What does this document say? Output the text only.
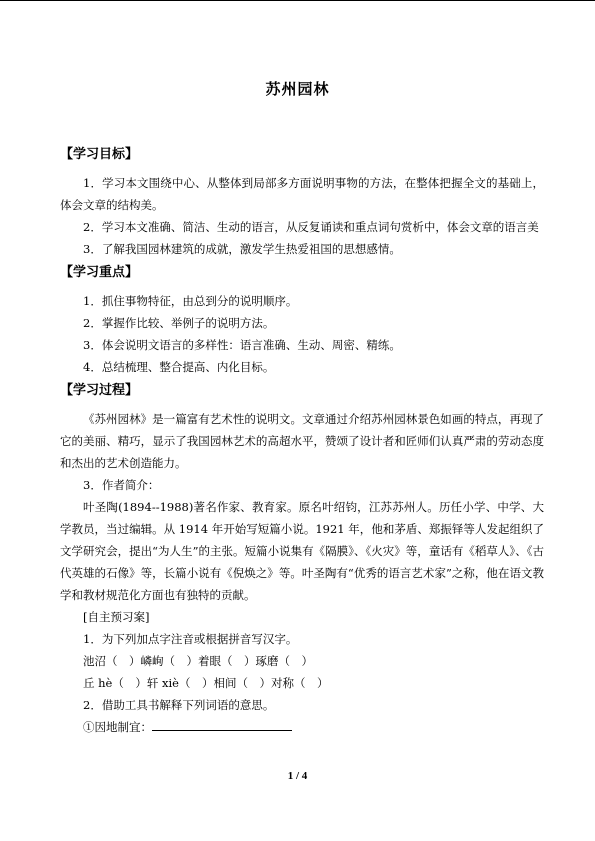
苏州园林
【学习目标】

1．学习本文围绕中心、从整体到局部多方面说明事物的方法，在整体把握全文的基础上，体会文章的结构美。

2．学习本文准确、简洁、生动的语言，从反复诵读和重点词句赏析中，体会文章的语言美

3．了解我国园林建筑的成就，激发学生热爱祖国的思想感情。

【学习重点】

1．抓住事物特征，由总到分的说明顺序。

2．掌握作比较、举例子的说明方法。

3．体会说明文语言的多样性：语言准确、生动、周密、精练。

4．总结梳理、整合提高、内化目标。

【学习过程】

《苏州园林》是一篇富有艺术性的说明文。文章通过介绍苏州园林景色如画的特点，再现了它的美丽、精巧，显示了我国园林艺术的高超水平，赞颂了设计者和匠师们认真严肃的劳动态度和杰出的艺术创造能力。

3．作者简介：

叶圣陶(1894--1988)著名作家、教育家。原名叶绍钧，江苏苏州人。历任小学、中学、大学教员，当过编辑。从 1914 年开始写短篇小说。1921 年，他和茅盾、郑振铎等人发起组织了文学研究会，提出“为人生”的主张。短篇小说集有《隔膜》、《火灾》等，童话有《稻草人》、《古代英雄的石像》等，长篇小说有《倪焕之》等。叶圣陶有“优秀的语言艺术家”之称，他在语文教学和教材规范化方面也有独特的贡献。

[自主预习案]

1．为下列加点字注音或根据拼音写汉字。

池沼（　）嶙峋（　）着眼（　）琢磨（　）

丘 hè（　）轩 xiè（　）相间（　）对称（　）

2．借助工具书解释下列词语的意思。

①因地制宜：

1 / 4
